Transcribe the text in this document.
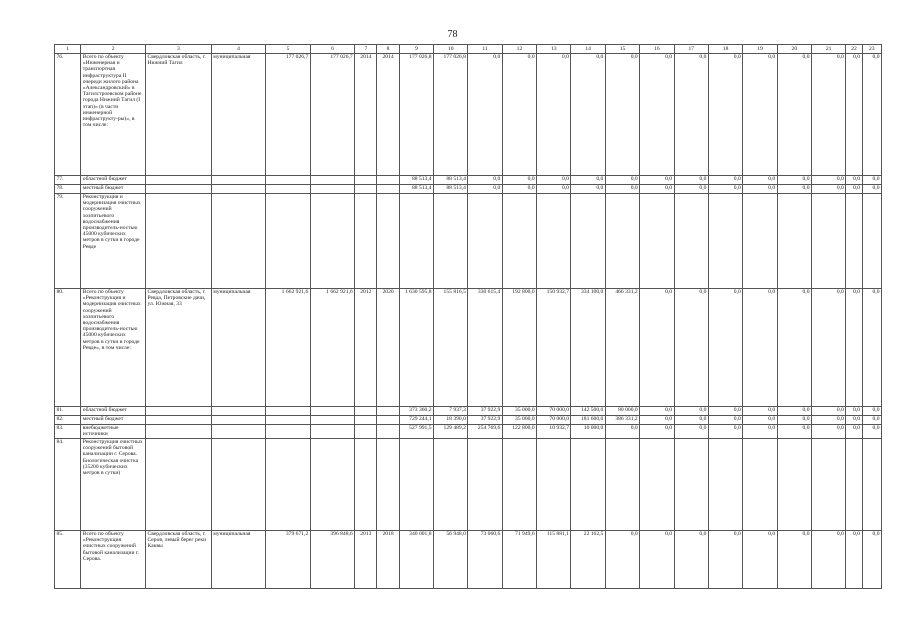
78
1	2	3	4	5	6	7	8	9	10	11	12	13	14	15	16	17	18	19	20	21	22	23
76.	Всего по объекту «Инженерная и транспортная инфраструктура II очереди жилого района «Александровский» в Тагилстроевском районе города Нижний Тагил (I этап)» (в части инженерной инфраструкту-ры)», в том числе:	Свердловская область, г. Нижний Тагил	муниципальная	177 026,7	177 026,7	2014	2014	177 026,8	177 026,8	0,0	0,0	0,0	0,0	0,0	0,0	0,0	0,0	0,0	0,0	0,0	0,0	0,0
77.	областной бюджет							88 513,4	88 513,4	0,0	0,0	0,0	0,0	0,0	0,0	0,0	0,0	0,0	0,0	0,0	0,0	0,0
78.	местный бюджет							88 513,4	88 513,4	0,0	0,0	0,0	0,0	0,0	0,0	0,0	0,0	0,0	0,0	0,0	0,0	0,0
79.	Реконструкция и модернизация очистных сооружений хозпитьевого водоснабжения производитель-ностью 45000 кубических метров в сутки в городе Ревде																					
80.	Всего по объекту «Реконструкция и модернизация очистных сооружений хозпитьевого водоснабжения производитель-ностью 45000 кубических метров в сутки в городе Ревде», в том числе:	Свердловская область, г. Ревда, Петровские дачи, ул. Южная, 33	муниципальная	1 662 921,6	1 662 921,6	2012	2020	1 630 595,8	155 816,5	330 615,4	192 800,0	150 932,7	334 100,0	466 331,2	0,0	0,0	0,0	0,0	0,0	0,0	0,0	0,0
81.	областной бюджет							373 360,2	7 937,3	37 922,9	35 000,0	70 000,0	142 500,0	80 000,0	0,0	0,0	0,0	0,0	0,0	0,0	0,0	0,0
82.	местный бюджет							729 244,1	18 390,0	37 922,9	35 000,0	70 000,0	181 600,0	386 331,2	0,0	0,0	0,0	0,0	0,0	0,0	0,0	0,0
83.	внебюджетные источники							527 991,5	129 489,2	254 769,6	122 800,0	10 932,7	10 000,0	0,0	0,0	0,0	0,0	0,0	0,0	0,0	0,0	0,0
84.	Реконструкция очистных сооружений бытовой канализации г. Серова. Биологическая очистка (35200 кубических метров в сутки)																					
85.	Всего по объекту «Реконструкция очистных сооружений бытовой канализации г. Серова.	Свердловская область, г. Серов, левый берег реки Каквы	муниципальная	379 671,2	396 848,6	2013	2018	340 001,8	56 948,0	73 060,6	71 949,6	115 881,1	22 162,5	0,0	0,0	0,0	0,0	0,0	0,0	0,0	0,0	0,0
